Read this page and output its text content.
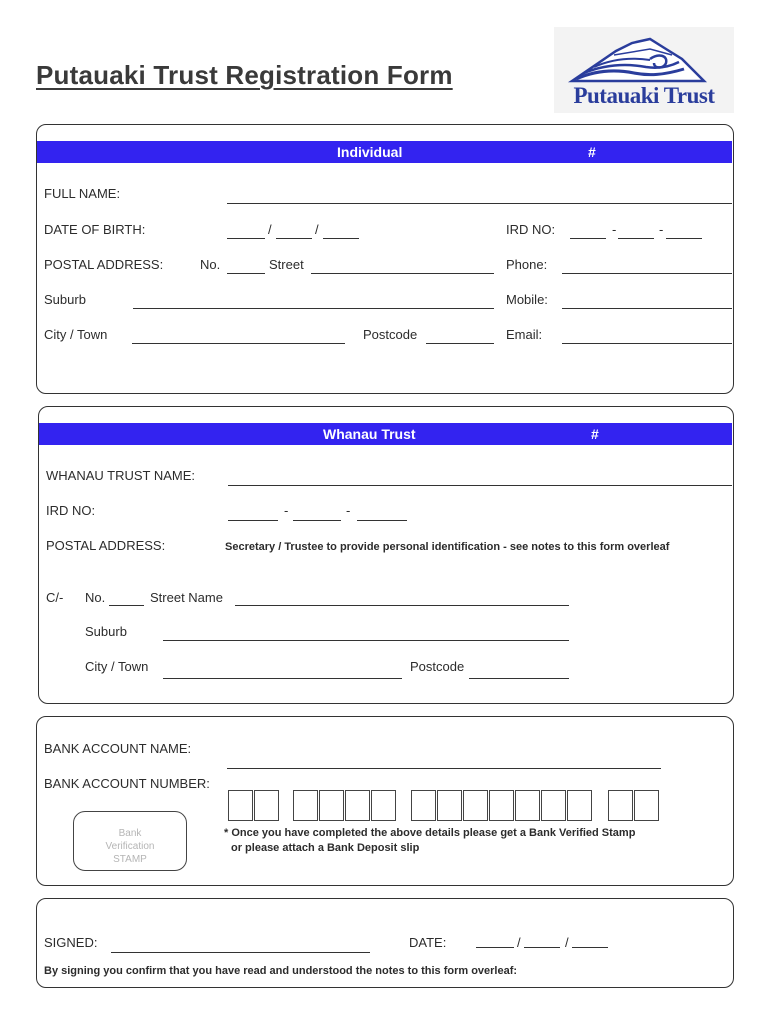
Putauaki Trust Registration Form
Putauaki Trust
Individual	#
FULL NAME:
DATE OF BIRTH:	/	/	IRD NO:	-	-
POSTAL ADDRESS:	No.	Street	Phone:
Suburb	Mobile:
City / Town	Postcode	Email:
Whanau Trust	#
WHANAU TRUST NAME:
IRD NO:	-	-
POSTAL ADDRESS:	Secretary / Trustee to provide personal identification - see notes to this form overleaf
C/- No.	Street Name
Suburb
City / Town	Postcode
BANK ACCOUNT NAME:
BANK ACCOUNT NUMBER:
Bank
Verification
STAMP
* Once you have completed the above details please get a Bank Verified Stamp
or please attach a Bank Deposit slip
SIGNED:	DATE:	/	/
By signing you confirm that you have read and understood the notes to this form overleaf:
